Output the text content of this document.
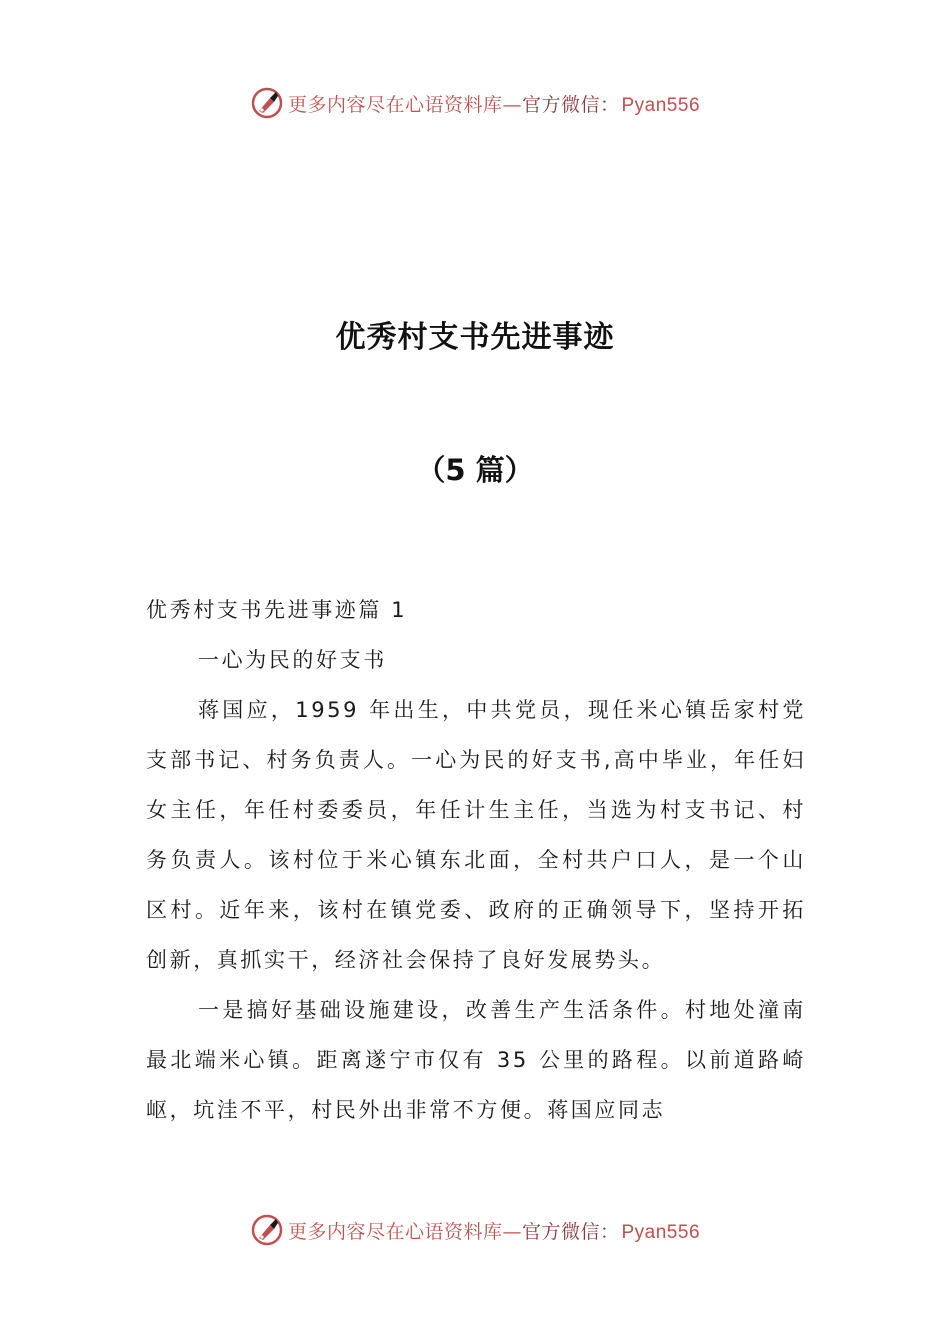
更多内容尽在心语资料库—官方微信： Pyan556
优秀村支书先进事迹
（5 篇）

优秀村支书先进事迹篇 1

一心为民的好支书

蒋国应，1959 年出生，中共党员，现任米心镇岳家村党支部书记、村务负责人。一心为民的好支书,高中毕业，年任妇女主任，年任村委委员，年任计生主任，当选为村支书记、村务负责人。该村位于米心镇东北面，全村共户口人，是一个山区村。近年来，该村在镇党委、政府的正确领导下，坚持开拓创新，真抓实干，经济社会保持了良好发展势头。

一是搞好基础设施建设，改善生产生活条件。村地处潼南最北端米心镇。距离遂宁市仅有 35 公里的路程。以前道路崎岖，坑洼不平，村民外出非常不方便。蒋国应同志

更多内容尽在心语资料库—官方微信： Pyan556
